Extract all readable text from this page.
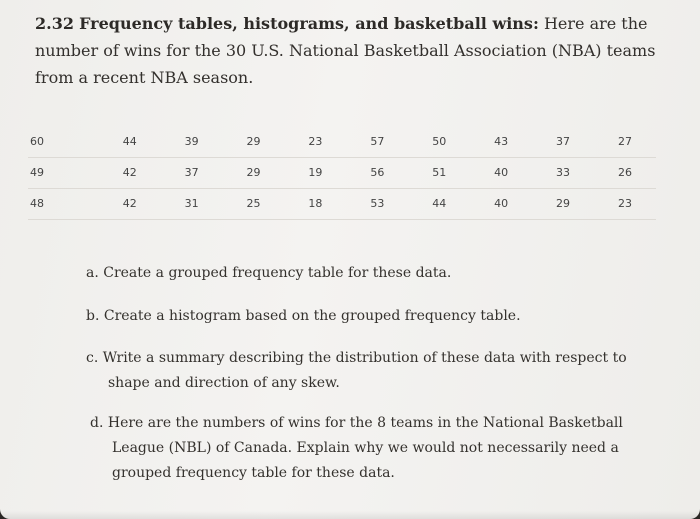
2.32 Frequency tables, histograms, and basketball wins: Here are the number of wins for the 30 U.S. National Basketball Association (NBA) teams from a recent NBA season.
60	44	39	29	23	57	50	43	37	27
49	42	37	29	19	56	51	40	33	26
48	42	31	25	18	53	44	40	29	23
a. Create a grouped frequency table for these data.
b. Create a histogram based on the grouped frequency table.
c. Write a summary describing the distribution of these data with respect to
shape and direction of any skew.
d. Here are the numbers of wins for the 8 teams in the National Basketball
League (NBL) of Canada. Explain why we would not necessarily need a
grouped frequency table for these data.
